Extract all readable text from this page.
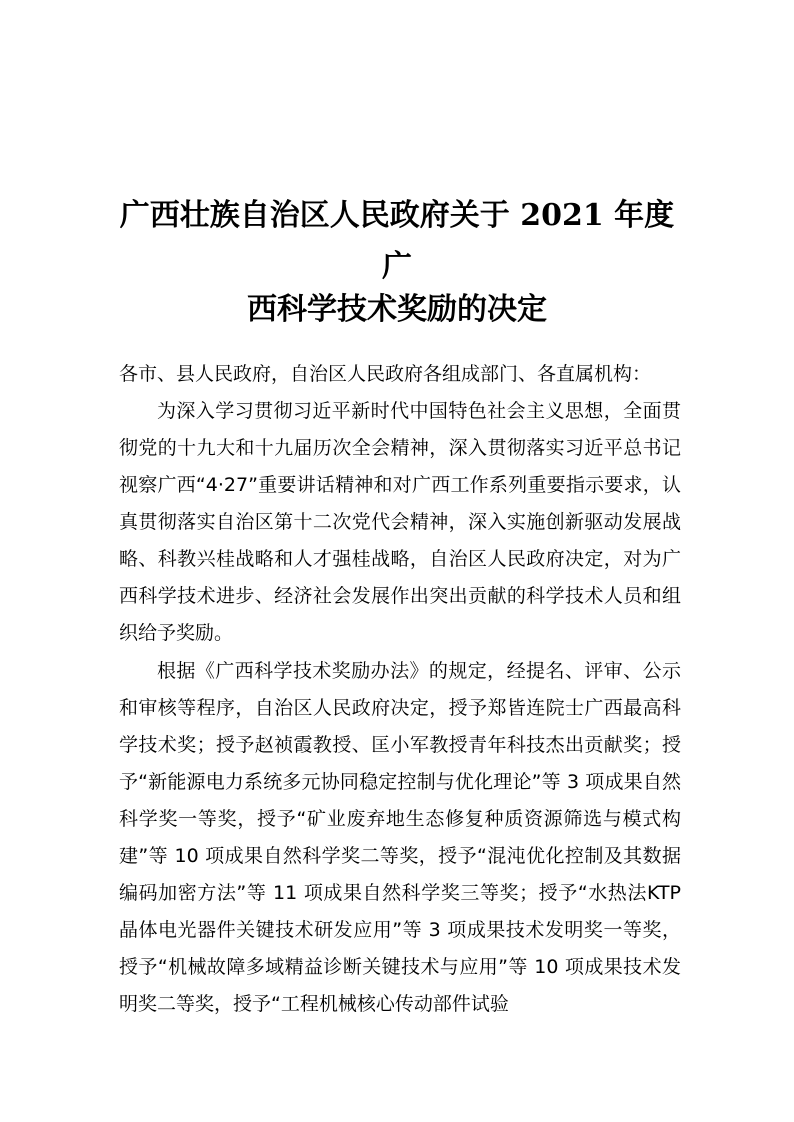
广西壮族自治区人民政府关于 2021 年度
广
西科学技术奖励的决定

各市、县人民政府，自治区人民政府各组成部门、各直属机构：

为深入学习贯彻习近平新时代中国特色社会主义思想，全面贯彻党的十九大和十九届历次全会精神，深入贯彻落实习近平总书记视察广西“4·27”重要讲话精神和对广西工作系列重要指示要求，认真贯彻落实自治区第十二次党代会精神，深入实施创新驱动发展战略、科教兴桂战略和人才强桂战略，自治区人民政府决定，对为广西科学技术进步、经济社会发展作出突出贡献的科学技术人员和组织给予奖励。

根据《广西科学技术奖励办法》的规定，经提名、评审、公示和审核等程序，自治区人民政府决定，授予郑皆连院士广西最高科学技术奖；授予赵祯霞教授、匡小军教授青年科技杰出贡献奖；授予“新能源电力系统多元协同稳定控制与优化理论”等 3 项成果自然科学奖一等奖，授予“矿业废弃地生态修复种质资源筛选与模式构建”等 10 项成果自然科学奖二等奖，授予“混沌优化控制及其数据编码加密方法”等 11 项成果自然科学奖三等奖；授予“水热法KTP 晶体电光器件关键技术研发应用”等 3 项成果技术发明奖一等奖，授予“机械故障多域精益诊断关键技术与应用”等 10 项成果技术发明奖二等奖，授予“工程机械核心传动部件试验
